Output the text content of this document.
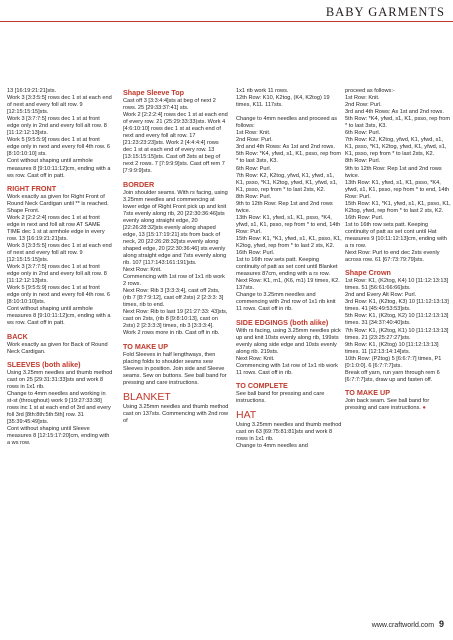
BABY GARMENTS

13 [16:19:21:21]sts.

Work 3 [3:3:5:5] rows dec 1 st at each end of next and every foll alt row. 9 [12:15:15:15]sts.

Work 3 [3:7:7:5] rows dec 1 st at front edge only in 2nd and every foll alt row. 8 [11:12:12:13]sts.

Work 5 [9:5:5:9] rows dec 1 st at front edge only in next and every foll 4th row. 6 [8:10:10:10] sts.

Cont without shaping until armhole measures 8 [9:10:11:12]cm, ending with a ws row. Cast off in patt.

RIGHT FRONT

Work exactly as given for Right Front of Round Neck Cardigan until ** is reached.

Shape Front.

Work 2 [2:2:2:4] rows dec 1 st at front edge in next and foll alt row AT SAME TIME dec 1 st at armhole edge in every row. 13 [16:19:21:21]sts.

Work 3 [3:3:5:5] rows dec 1 st at each end of next and every foll alt row. 9 [12:15:15:15]sts.

Work 3 [3:7:7:5] rows dec 1 st at front edge only in 2nd and every foll alt row. 8 [11:12:12:13]sts.

Work 5 [9:5:5:9] rows dec 1 st at front edge only in next and every foll 4th row. 6 [8:10:10:10]sts.

Cont without shaping until armhole measures 8 [9:10:11:12]cm, ending with a ws row. Cast off in patt.

BACK

Work exactly as given for Back of Round Neck Cardigan.

SLEEVES (both alike)

Using 3.25mm needles and thumb method cast on 25 [29:31:31:33]sts and work 8 rows in 1x1 rib.

Change to 4mm needles and working in st-st (throughout) work 9 [19:27:33:38] rows inc 1 st at each end of 3rd and every foll 3rd [8th:8th:5th:5th] row. 31 [35:39:45:49]sts.

Cont without shaping until Sleeve measures 8 [12:15:17:20]cm, ending with a ws row.

Shape Sleeve Top

Cast off 3 [3:3:4:4]sts at beg of next 2 rows. 25 [29:33:37:41] sts.

Work 2 [2:2:2:4] rows dec 1 st at each end of every row. 21 (25:29:33:33)sts. Work 4 [4:6:10:10] rows dec 1 st at each end of next and every foll alt row. 17 [21:23:23:23]sts. Work 2 [4:4:4:4] rows dec 1 st at each end of every row. 13 [13:15:15:15]sts. Cast off 3sts at beg of next 2 rows. 7 [7:9:9:9]sts. Cast off rem 7 [7:9:9:9]sts.

BORDER

Join shoulder seams. With rs facing, using 3.25mm needles and commencing at lower edge of Right Front pick up and knit 7sts evenly along rib, 20 [22:30:36:46]sts evenly along straight edge, 20 [22:26:28:32]sts evenly along shaped edge, 13 [15:17:19:21] sts from back of neck, 20 [22:26:28:32]sts evenly along shaped edge, 20 [22:30:36:46] sts evenly along straight edge and 7sts evenly along rib. 107 [117:143:161:191]sts.

Next Row: Knit.

Commencing with 1st row of 1x1 rib work 2 rows.

Next Row: Rib 3 [3:3:3:4], cast off 2sts, (rib 7 [8:7:9:12], cast off 2sts) 2 [2:3:3: 3] times, rib to end.

Next Row: Rib to last 19 [21:27:33: 43]sts, cast on 2sts, (rib 8 [9:8:10:13], cast on 2sts) 2 [2:3:3:3] times, rib 3 [3:3:3:4].

Work 2 rows more in rib. Cast off in rib.

TO MAKE UP

Fold Sleeves in half lengthways, then placing folds to shoulder seams sew Sleeves in position. Join side and Sleeve seams. Sew on buttons. See ball band for pressing and care instructions.

BLANKET

Using 3.25mm needles and thumb method cast on 137sts. Commencing with 2nd row of

1x1 rib work 11 rows.

12th Row: K10, K2tog, (K4, K2tog) 19 times, K11. 117sts.

Change to 4mm needles and proceed as follows:

1st Row: Knit.

2nd Row: Purl.

3rd and 4th Rows: As 1st and 2nd rows.

5th Row: *K4, yfwd, s1, K1, psso, rep from * to last 3sts, K3.

6th Row: Purl.

7th Row: K2, K2tog, yfwd, K1, yfwd, s1, K1, psso, *K1, K2tog, yfwd, K1, yfwd, s1, K1, psso, rep from * to last 2sts, K2.

8th Row: Purl.

9th to 12th Row: Rep 1st and 2nd rows twice.

13th Row: K1, yfwd, s1, K1, psso, *K4, yfwd, s1, K1, psso, rep from * to end, 14th Row: Purl.

15th Row: K1, *K1, yfwd, s1, K1, psso, K1, K2tog, yfwd, rep from * to last 2 sts, K2.

16th Row: Purl.

1st to 16th row sets patt. Keeping continuity of patt as set cont until Blanket measures 87cm, ending with a rs row.

Next Row: K1, m1, (K6, m1) 19 times, K2. 137sts.

Change to 3.25mm needles and commencing with 2nd row of 1x1 rib knit 11 rows. Cast off in rib.

SIDE EDGINGS (both alike)

With rs facing, using 3.25mm needles pick up and knit 10sts evenly along rib, 199sts evenly along side edge and 10sts evenly along rib. 219sts.

Next Row: Knit.

Commencing with 1st row of 1x1 rib work 11 rows. Cast off in rib.

TO COMPLETE

See ball band for pressing and care instructions.

HAT

Using 3.25mm needles and thumb method cast on 63 [69:75:81:81]sts and work 8 rows in 1x1 rib.

Change to 4mm needles and

proceed as follows:-

1st Row: Knit.

2nd Row: Purl.

3rd and 4th Rows: As 1st and 2nd rows. 5th Row: *K4, yfwd, s1, K1, psso, rep from * to last 3sts, K3.

6th Row: Purl.

7th Row: K2, K2tog, yfwd, K1, yfwd, s1, K1, psso, *K1, K2tog, yfwd, K1, yfwd, s1, K1, psso, rep from * to last 2sts, K2.

8th Row: Purl.

9th to 12th Row: Rep 1st and 2nd rows twice.

13th Row: K1, yfwd, s1, K1, psso, *K4, yfwd, s1, K1, psso, rep from * to end, 14th Row: Purl.

15th Row: K1, *K1, yfwd, s1, K1, psso, K1, K2tog, yfwd, rep from * to last 2 sts, K2.

16th Row: Purl.

1st to 16th row sets patt. Keeping continuity of patt as set cont until Hat measures 9 [10:11:12:13]cm, ending with a rs row.

Next Row: Purl to end dec 2sts evenly across row. 61 [67:73:79:79]sts.

Shape Crown

1st Row: K1, (K2tog, K4) 10 [11:12:13:13] times. 51 [56:61:66:66]sts.

2nd and Every Alt Row: Purl.

3rd Row: K1, (K2tog, K3) 10 [11:12:13:13] times. 41 [45:49:53:53]sts.

5th Row: K1, (K2tog, K2) 10 [11:12:13:13] times. 31 [34:37:40:40]sts.

7th Row: K1, (K2tog, K1) 10 [11:12:13:13] times. 21 [23:25:27:27]sts.

9th Row: K1, (K2tog) 10 [11:12:13:13] times. 11 [12:13:14:14]sts.

10th Row: (P2tog) 5 [6:6:7:7] times, P1 [0:1:0:0]. 6 [6:7:7:7]sts.

Break off yarn, run yarn through rem 6 [6:7:7:7]sts, draw up and fasten off.

TO MAKE UP

Join back seam. See ball band for pressing and care instructions. ●

www.craftworld.com 9
